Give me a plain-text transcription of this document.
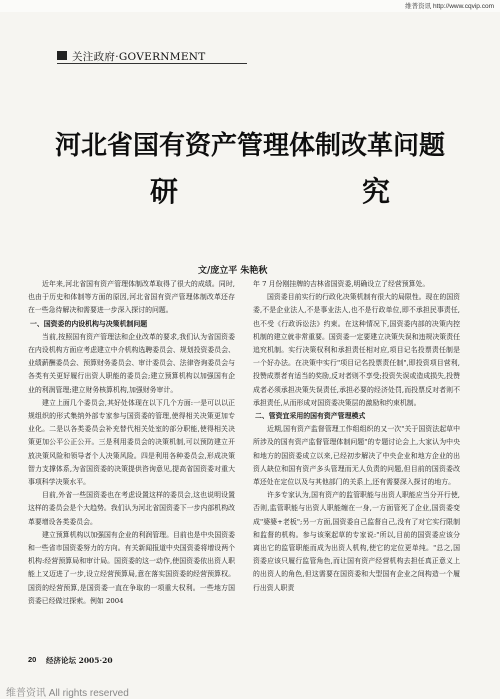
维普资讯 http://www.cqvip.com
关注政府·GOVERNMENT
河北省国有资产管理体制改革问题
研	究
文/庞立平 朱艳秋

近年来,河北省国有资产管理体制改革取得了很大的成绩。同时,也由于历史和体制等方面的原因,河北省国有资产管理体制改革还存在一些急待解决和需要进一步深入探讨的问题。

一、国资委的内设机构与决策机制问题

当前,按照国有资产管理法和企业改革的要求,我们认为省国资委在内设机构方面应考虑建立中介机构选聘委员会、规划投资委员会、业绩薪酬委员会、预算财务委员会、审计委员会、法律咨询委员会与各类有关更好履行出资人职能的委员会;建立预算机构以加强国有企业的利润管理;建立财务核算机构,加强财务审计。

建立上面几个委员会,其好处体现在以下几个方面:一是可以以正规组织的形式集纳外部专家参与国资委的管理,使得相关决策更加专业化。二是以各类委员会补充替代相关处室的部分职能,使得相关决策更加公平公正公开。三是利用委员会的决策机制,可以预防建立开放决策风险和领导者个人决策风险。四是利用各种委员会,形成决策智力支撑体系,为省国资委的决策提供咨询意见,提高省国资委对重大事项科学决策水平。

目前,外省一些国资委也在考虑设置这样的委员会,这也说明设置这样的委员会是个大趋势。我们认为河北省国资委下一步内部机构改革要增设各类委员会。

建立预算机构以加强国有企业的利润管理。目前也是中央国资委和一些省市国资委努力的方向。有关新闻报道中央国资委将增设两个机构:经营预算局和审计局。国资委的这一动作,使国资委依出资人职能上又迈进了一步,设立经营预算局,意在落实国资委的经营预算权。国资的经营预算,是国资委一直在争取的一项重大权利。一些地方国资委已经做过探索。例如 2004

年 7 月份刚挂牌的吉林省国资委,明确设立了经营预算处。

国资委目前实行的行政化决策机制有很大的局限性。现在的国资委,不是企业法人,不是事业法人,也不是行政单位,即不承担民事责任,也不受《行政诉讼法》约束。在这种情况下,国资委内部的决策内控机制的建立就非常重要。国资委一定要建立决策失误和违规决策责任追究机制。实行决策权利和承担责任相对应,项目记名投票责任制是一个好办法。在决策中实行"项目记名投票责任制",即投资项目营利,投赞成票者有适当的奖励,反对者则不享受;投资失误或造成损失,投赞成者必须承担决策失误责任,承担必要的经济处罚,而投票反对者则不承担责任,从而形成对国资委决策层的激励和约束机制。

二、管资宜采用的国有资产管理模式

近期,国有资产监督管理工作组组织的又一次"关于国资法起草中所涉及的国有资产监督管理体制问题"的专题讨论会上,大家认为中央和地方的国资委成立以来,已经初步解决了中央企业和地方企业的出资人缺位和国有资产多头管理而无人负责的问题,但目前的国资委改革还处在定位以及与其他部门的关系上,还有需要深入探讨的地方。

许多专家认为,国有资产的监管职能与出资人职能应当分开行使,否则,监管职能与出资人职能缠在一身,一方面管死了企业,国资委变成"婆婆+老板";另一方面,国资委自己监督自己,没有了对它实行限制和监督的机构。参与该案起草的专家说:"所以,目前的国资委应该分离出它的监管职能而成为出资人机构,使它的定位更单纯。"总之,国资委应该只履行监管角色,而让国有资产经营机构去担任真正意义上的出资人的角色,但这需要在国资委和大型国有企业之间构造一个履行出资人职责

20 经济论坛 2005·20
维普资讯 All rights reserved
